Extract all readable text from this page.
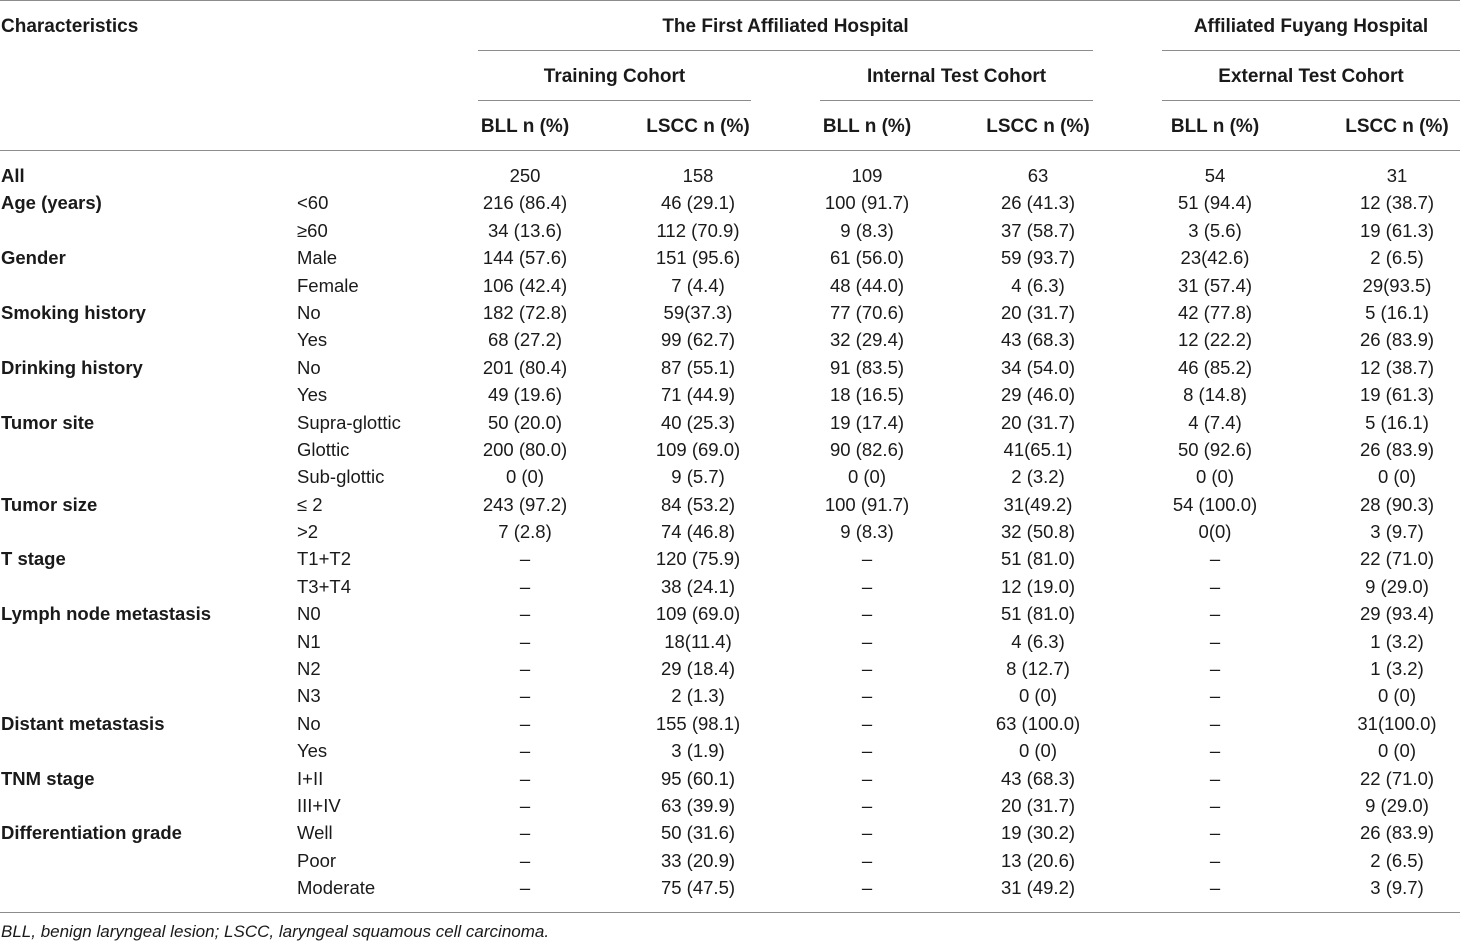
Characteristics	The First Affiliated Hospital	Affiliated Fuyang Hospital
Training Cohort	Internal Test Cohort	External Test Cohort
BLL n (%)	LSCC n (%)	BLL n (%)	LSCC n (%)	BLL n (%)	LSCC n (%)
All	250	158	109	63	54	31
Age (years)	<60	216 (86.4)	46 (29.1)	100 (91.7)	26 (41.3)	51 (94.4)	12 (38.7)
≥60	34 (13.6)	112 (70.9)	9 (8.3)	37 (58.7)	3 (5.6)	19 (61.3)
Gender	Male	144 (57.6)	151 (95.6)	61 (56.0)	59 (93.7)	23(42.6)	2 (6.5)
Female	106 (42.4)	7 (4.4)	48 (44.0)	4 (6.3)	31 (57.4)	29(93.5)
Smoking history	No	182 (72.8)	59(37.3)	77 (70.6)	20 (31.7)	42 (77.8)	5 (16.1)
Yes	68 (27.2)	99 (62.7)	32 (29.4)	43 (68.3)	12 (22.2)	26 (83.9)
Drinking history	No	201 (80.4)	87 (55.1)	91 (83.5)	34 (54.0)	46 (85.2)	12 (38.7)
Yes	49 (19.6)	71 (44.9)	18 (16.5)	29 (46.0)	8 (14.8)	19 (61.3)
Tumor site	Supra-glottic	50 (20.0)	40 (25.3)	19 (17.4)	20 (31.7)	4 (7.4)	5 (16.1)
Glottic	200 (80.0)	109 (69.0)	90 (82.6)	41(65.1)	50 (92.6)	26 (83.9)
Sub-glottic	0 (0)	9 (5.7)	0 (0)	2 (3.2)	0 (0)	0 (0)
Tumor size	≤ 2	243 (97.2)	84 (53.2)	100 (91.7)	31(49.2)	54 (100.0)	28 (90.3)
>2	7 (2.8)	74 (46.8)	9 (8.3)	32 (50.8)	0(0)	3 (9.7)
T stage	T1+T2	–	120 (75.9)	–	51 (81.0)	–	22 (71.0)
T3+T4	–	38 (24.1)	–	12 (19.0)	–	9 (29.0)
Lymph node metastasis	N0	–	109 (69.0)	–	51 (81.0)	–	29 (93.4)
N1	–	18(11.4)	–	4 (6.3)	–	1 (3.2)
N2	–	29 (18.4)	–	8 (12.7)	–	1 (3.2)
N3	–	2 (1.3)	–	0 (0)	–	0 (0)
Distant metastasis	No	–	155 (98.1)	–	63 (100.0)	–	31(100.0)
Yes	–	3 (1.9)	–	0 (0)	–	0 (0)
TNM stage	I+II	–	95 (60.1)	–	43 (68.3)	–	22 (71.0)
III+IV	–	63 (39.9)	–	20 (31.7)	–	9 (29.0)
Differentiation grade	Well	–	50 (31.6)	–	19 (30.2)	–	26 (83.9)
Poor	–	33 (20.9)	–	13 (20.6)	–	2 (6.5)
Moderate	–	75 (47.5)	–	31 (49.2)	–	3 (9.7)
BLL, benign laryngeal lesion; LSCC, laryngeal squamous cell carcinoma.
